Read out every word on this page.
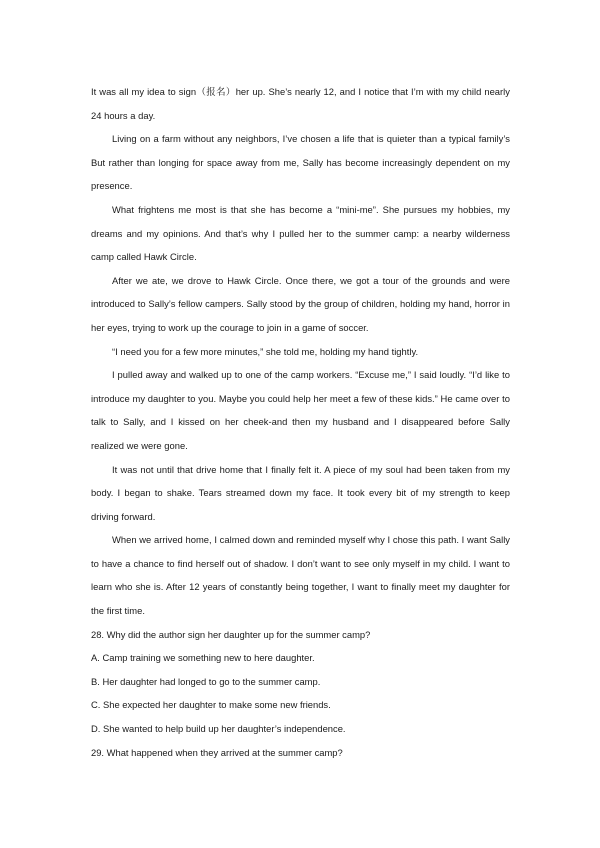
It was all my idea to sign（报名）her up. She’s nearly 12, and I notice that I’m with my child nearly 24 hours a day.

Living on a farm without any neighbors, I’ve chosen a life that is quieter than a typical family’s But rather than longing for space away from me, Sally has become increasingly dependent on my presence.

What frightens me most is that she has become a “mini-me”. She pursues my hobbies, my dreams and my opinions. And that’s why I pulled her to the summer camp: a nearby wilderness camp called Hawk Circle.

After we ate, we drove to Hawk Circle. Once there, we got a tour of the grounds and were introduced to Sally’s fellow campers. Sally stood by the group of children, holding my hand, horror in her eyes, trying to work up the courage to join in a game of soccer.

“I need you for a few more minutes,” she told me, holding my hand tightly.

I pulled away and walked up to one of the camp workers. “Excuse me,” I said loudly. “I’d like to introduce my daughter to you. Maybe you could help her meet a few of these kids.” He came over to talk to Sally, and I kissed on her cheek-and then my husband and I disappeared before Sally realized we were gone.

It was not until that drive home that I finally felt it. A piece of my soul had been taken from my body. I began to shake. Tears streamed down my face. It took every bit of my strength to keep driving forward.

When we arrived home, I calmed down and reminded myself why I chose this path. I want Sally to have a chance to find herself out of shadow. I don’t want to see only myself in my child. I want to learn who she is. After 12 years of constantly being together, I want to finally meet my daughter for the first time.

28. Why did the author sign her daughter up for the summer camp?

A. Camp training we something new to here daughter.

B. Her daughter had longed to go to the summer camp.

C. She expected her daughter to make some new friends.

D. She wanted to help build up her daughter’s independence.

29. What happened when they arrived at the summer camp?
